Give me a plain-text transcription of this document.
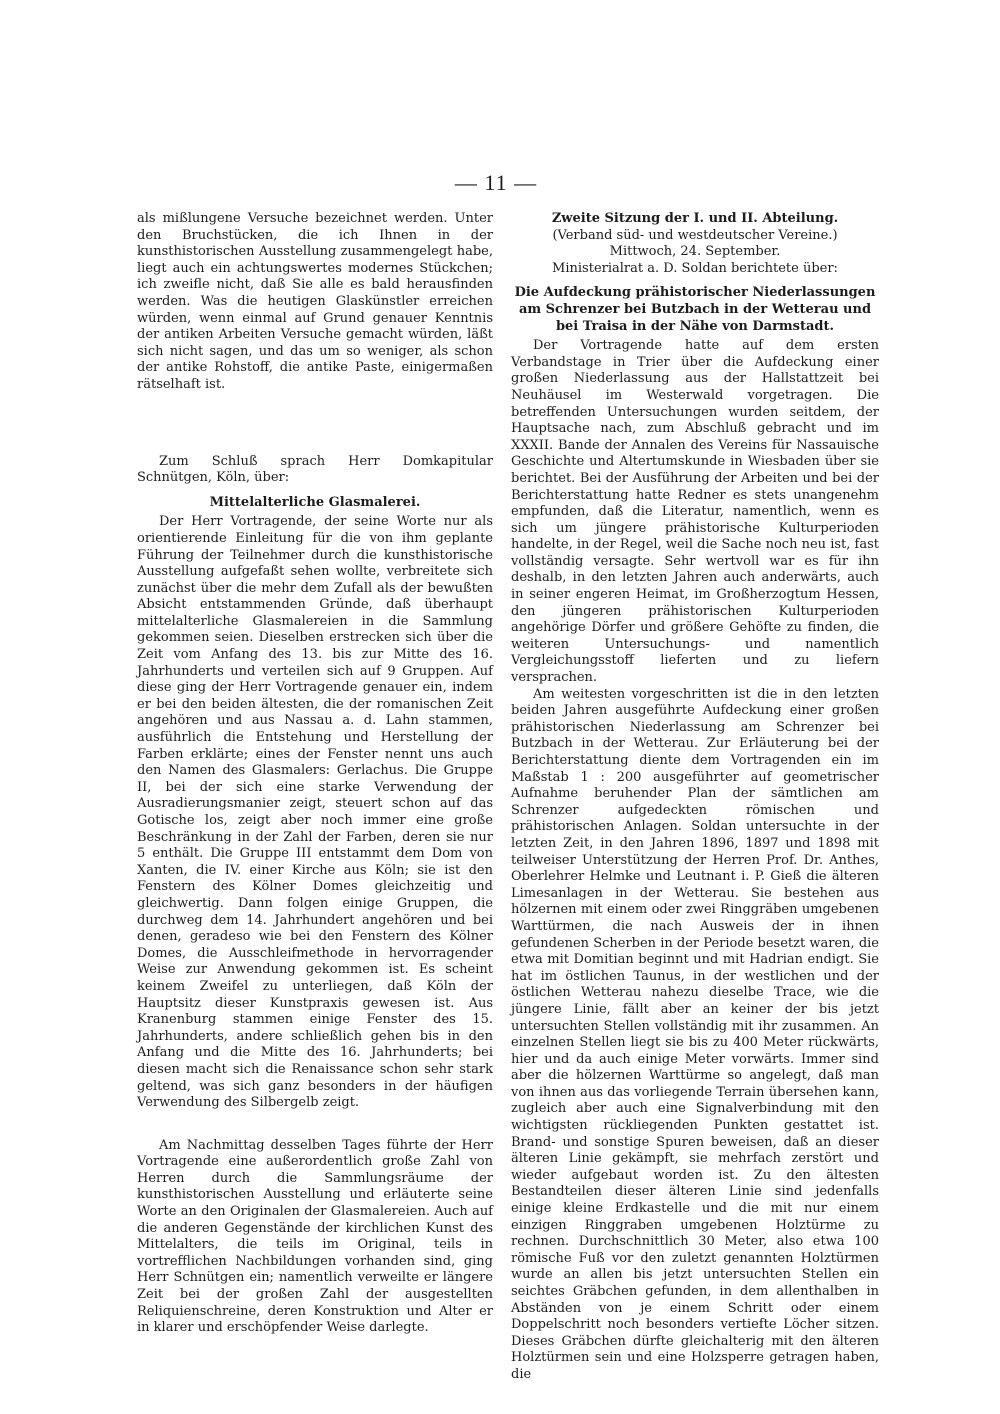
— 11 —

als mißlungene Versuche bezeichnet werden. Unter den Bruchstücken, die ich Ihnen in der kunsthistorischen Ausstellung zusammengelegt habe, liegt auch ein achtungswertes modernes Stückchen; ich zweifle nicht, daß Sie alle es bald herausfinden werden. Was die heutigen Glaskünstler erreichen würden, wenn einmal auf Grund genauer Kenntnis der antiken Arbeiten Versuche gemacht würden, läßt sich nicht sagen, und das um so weniger, als schon der antike Rohstoff, die antike Paste, einigermaßen rätselhaft ist.

Zum Schluß sprach Herr Domkapitular Schnütgen, Köln, über:

Mittelalterliche Glasmalerei.

Der Herr Vortragende, der seine Worte nur als orientierende Einleitung für die von ihm geplante Führung der Teilnehmer durch die kunsthistorische Ausstellung aufgefaßt sehen wollte, verbreitete sich zunächst über die mehr dem Zufall als der bewußten Absicht entstammenden Gründe, daß überhaupt mittelalterliche Glasmalereien in die Sammlung gekommen seien. Dieselben erstrecken sich über die Zeit vom Anfang des 13. bis zur Mitte des 16. Jahrhunderts und verteilen sich auf 9 Gruppen. Auf diese ging der Herr Vortragende genauer ein, indem er bei den beiden ältesten, die der romanischen Zeit angehören und aus Nassau a. d. Lahn stammen, ausführlich die Entstehung und Herstellung der Farben erklärte; eines der Fenster nennt uns auch den Namen des Glasmalers: Gerlachus. Die Gruppe II, bei der sich eine starke Verwendung der Ausradierungsmanier zeigt, steuert schon auf das Gotische los, zeigt aber noch immer eine große Beschränkung in der Zahl der Farben, deren sie nur 5 enthält. Die Gruppe III entstammt dem Dom von Xanten, die IV. einer Kirche aus Köln; sie ist den Fenstern des Kölner Domes gleichzeitig und gleichwertig. Dann folgen einige Gruppen, die durchweg dem 14. Jahrhundert angehören und bei denen, geradeso wie bei den Fenstern des Kölner Domes, die Ausschleifmethode in hervorragender Weise zur Anwendung gekommen ist. Es scheint keinem Zweifel zu unterliegen, daß Köln der Hauptsitz dieser Kunstpraxis gewesen ist. Aus Kranenburg stammen einige Fenster des 15. Jahrhunderts, andere schließlich gehen bis in den Anfang und die Mitte des 16. Jahrhunderts; bei diesen macht sich die Renaissance schon sehr stark geltend, was sich ganz besonders in der häufigen Verwendung des Silbergelb zeigt.

Am Nachmittag desselben Tages führte der Herr Vortragende eine außerordentlich große Zahl von Herren durch die Sammlungsräume der kunsthistorischen Ausstellung und erläuterte seine Worte an den Originalen der Glasmalereien. Auch auf die anderen Gegenstände der kirchlichen Kunst des Mittelalters, die teils im Original, teils in vortrefflichen Nachbildungen vorhanden sind, ging Herr Schnütgen ein; namentlich verweilte er längere Zeit bei der großen Zahl der ausgestellten Reliquienschreine, deren Konstruktion und Alter er in klarer und erschöpfender Weise darlegte.

Zweite Sitzung der I. und II. Abteilung.

(Verband süd- und westdeutscher Vereine.)

Mittwoch, 24. September.

Ministerialrat a. D. Soldan berichtete über:

Die Aufdeckung prähistorischer Niederlassungen am Schrenzer bei Butzbach in der Wetterau und bei Traisa in der Nähe von Darmstadt.

Der Vortragende hatte auf dem ersten Verbandstage in Trier über die Aufdeckung einer großen Niederlassung aus der Hallstattzeit bei Neuhäusel im Westerwald vorgetragen. Die betreffenden Untersuchungen wurden seitdem, der Hauptsache nach, zum Abschluß gebracht und im XXXII. Bande der Annalen des Vereins für Nassauische Geschichte und Altertumskunde in Wiesbaden über sie berichtet. Bei der Ausführung der Arbeiten und bei der Berichterstattung hatte Redner es stets unangenehm empfunden, daß die Literatur, namentlich, wenn es sich um jüngere prähistorische Kulturperioden handelte, in der Regel, weil die Sache noch neu ist, fast vollständig versagte. Sehr wertvoll war es für ihn deshalb, in den letzten Jahren auch anderwärts, auch in seiner engeren Heimat, im Großherzogtum Hessen, den jüngeren prähistorischen Kulturperioden angehörige Dörfer und größere Gehöfte zu finden, die weiteren Untersuchungs- und namentlich Vergleichungsstoff lieferten und zu liefern versprachen.

Am weitesten vorgeschritten ist die in den letzten beiden Jahren ausgeführte Aufdeckung einer großen prähistorischen Niederlassung am Schrenzer bei Butzbach in der Wetterau. Zur Erläuterung bei der Berichterstattung diente dem Vortragenden ein im Maßstab 1 : 200 ausgeführter auf geometrischer Aufnahme beruhender Plan der sämtlichen am Schrenzer aufgedeckten römischen und prähistorischen Anlagen. Soldan untersuchte in der letzten Zeit, in den Jahren 1896, 1897 und 1898 mit teilweiser Unterstützung der Herren Prof. Dr. Anthes, Oberlehrer Helmke und Leutnant i. P. Gieß die älteren Limesanlagen in der Wetterau. Sie bestehen aus hölzernen mit einem oder zwei Ringgräben umgebenen Warttürmen, die nach Ausweis der in ihnen gefundenen Scherben in der Periode besetzt waren, die etwa mit Domitian beginnt und mit Hadrian endigt. Sie hat im östlichen Taunus, in der westlichen und der östlichen Wetterau nahezu dieselbe Trace, wie die jüngere Linie, fällt aber an keiner der bis jetzt untersuchten Stellen vollständig mit ihr zusammen. An einzelnen Stellen liegt sie bis zu 400 Meter rückwärts, hier und da auch einige Meter vorwärts. Immer sind aber die hölzernen Warttürme so angelegt, daß man von ihnen aus das vorliegende Terrain übersehen kann, zugleich aber auch eine Signalverbindung mit den wichtigsten rückliegenden Punkten gestattet ist. Brand- und sonstige Spuren beweisen, daß an dieser älteren Linie gekämpft, sie mehrfach zerstört und wieder aufgebaut worden ist. Zu den ältesten Bestandteilen dieser älteren Linie sind jedenfalls einige kleine Erdkastelle und die mit nur einem einzigen Ringgraben umgebenen Holztürme zu rechnen. Durchschnittlich 30 Meter, also etwa 100 römische Fuß vor den zuletzt genannten Holztürmen wurde an allen bis jetzt untersuchten Stellen ein seichtes Gräbchen gefunden, in dem allenthalben in Abständen von je einem Schritt oder einem Doppelschritt noch besonders vertiefte Löcher sitzen. Dieses Gräbchen dürfte gleichalterig mit den älteren Holztürmen sein und eine Holzsperre getragen haben, die
